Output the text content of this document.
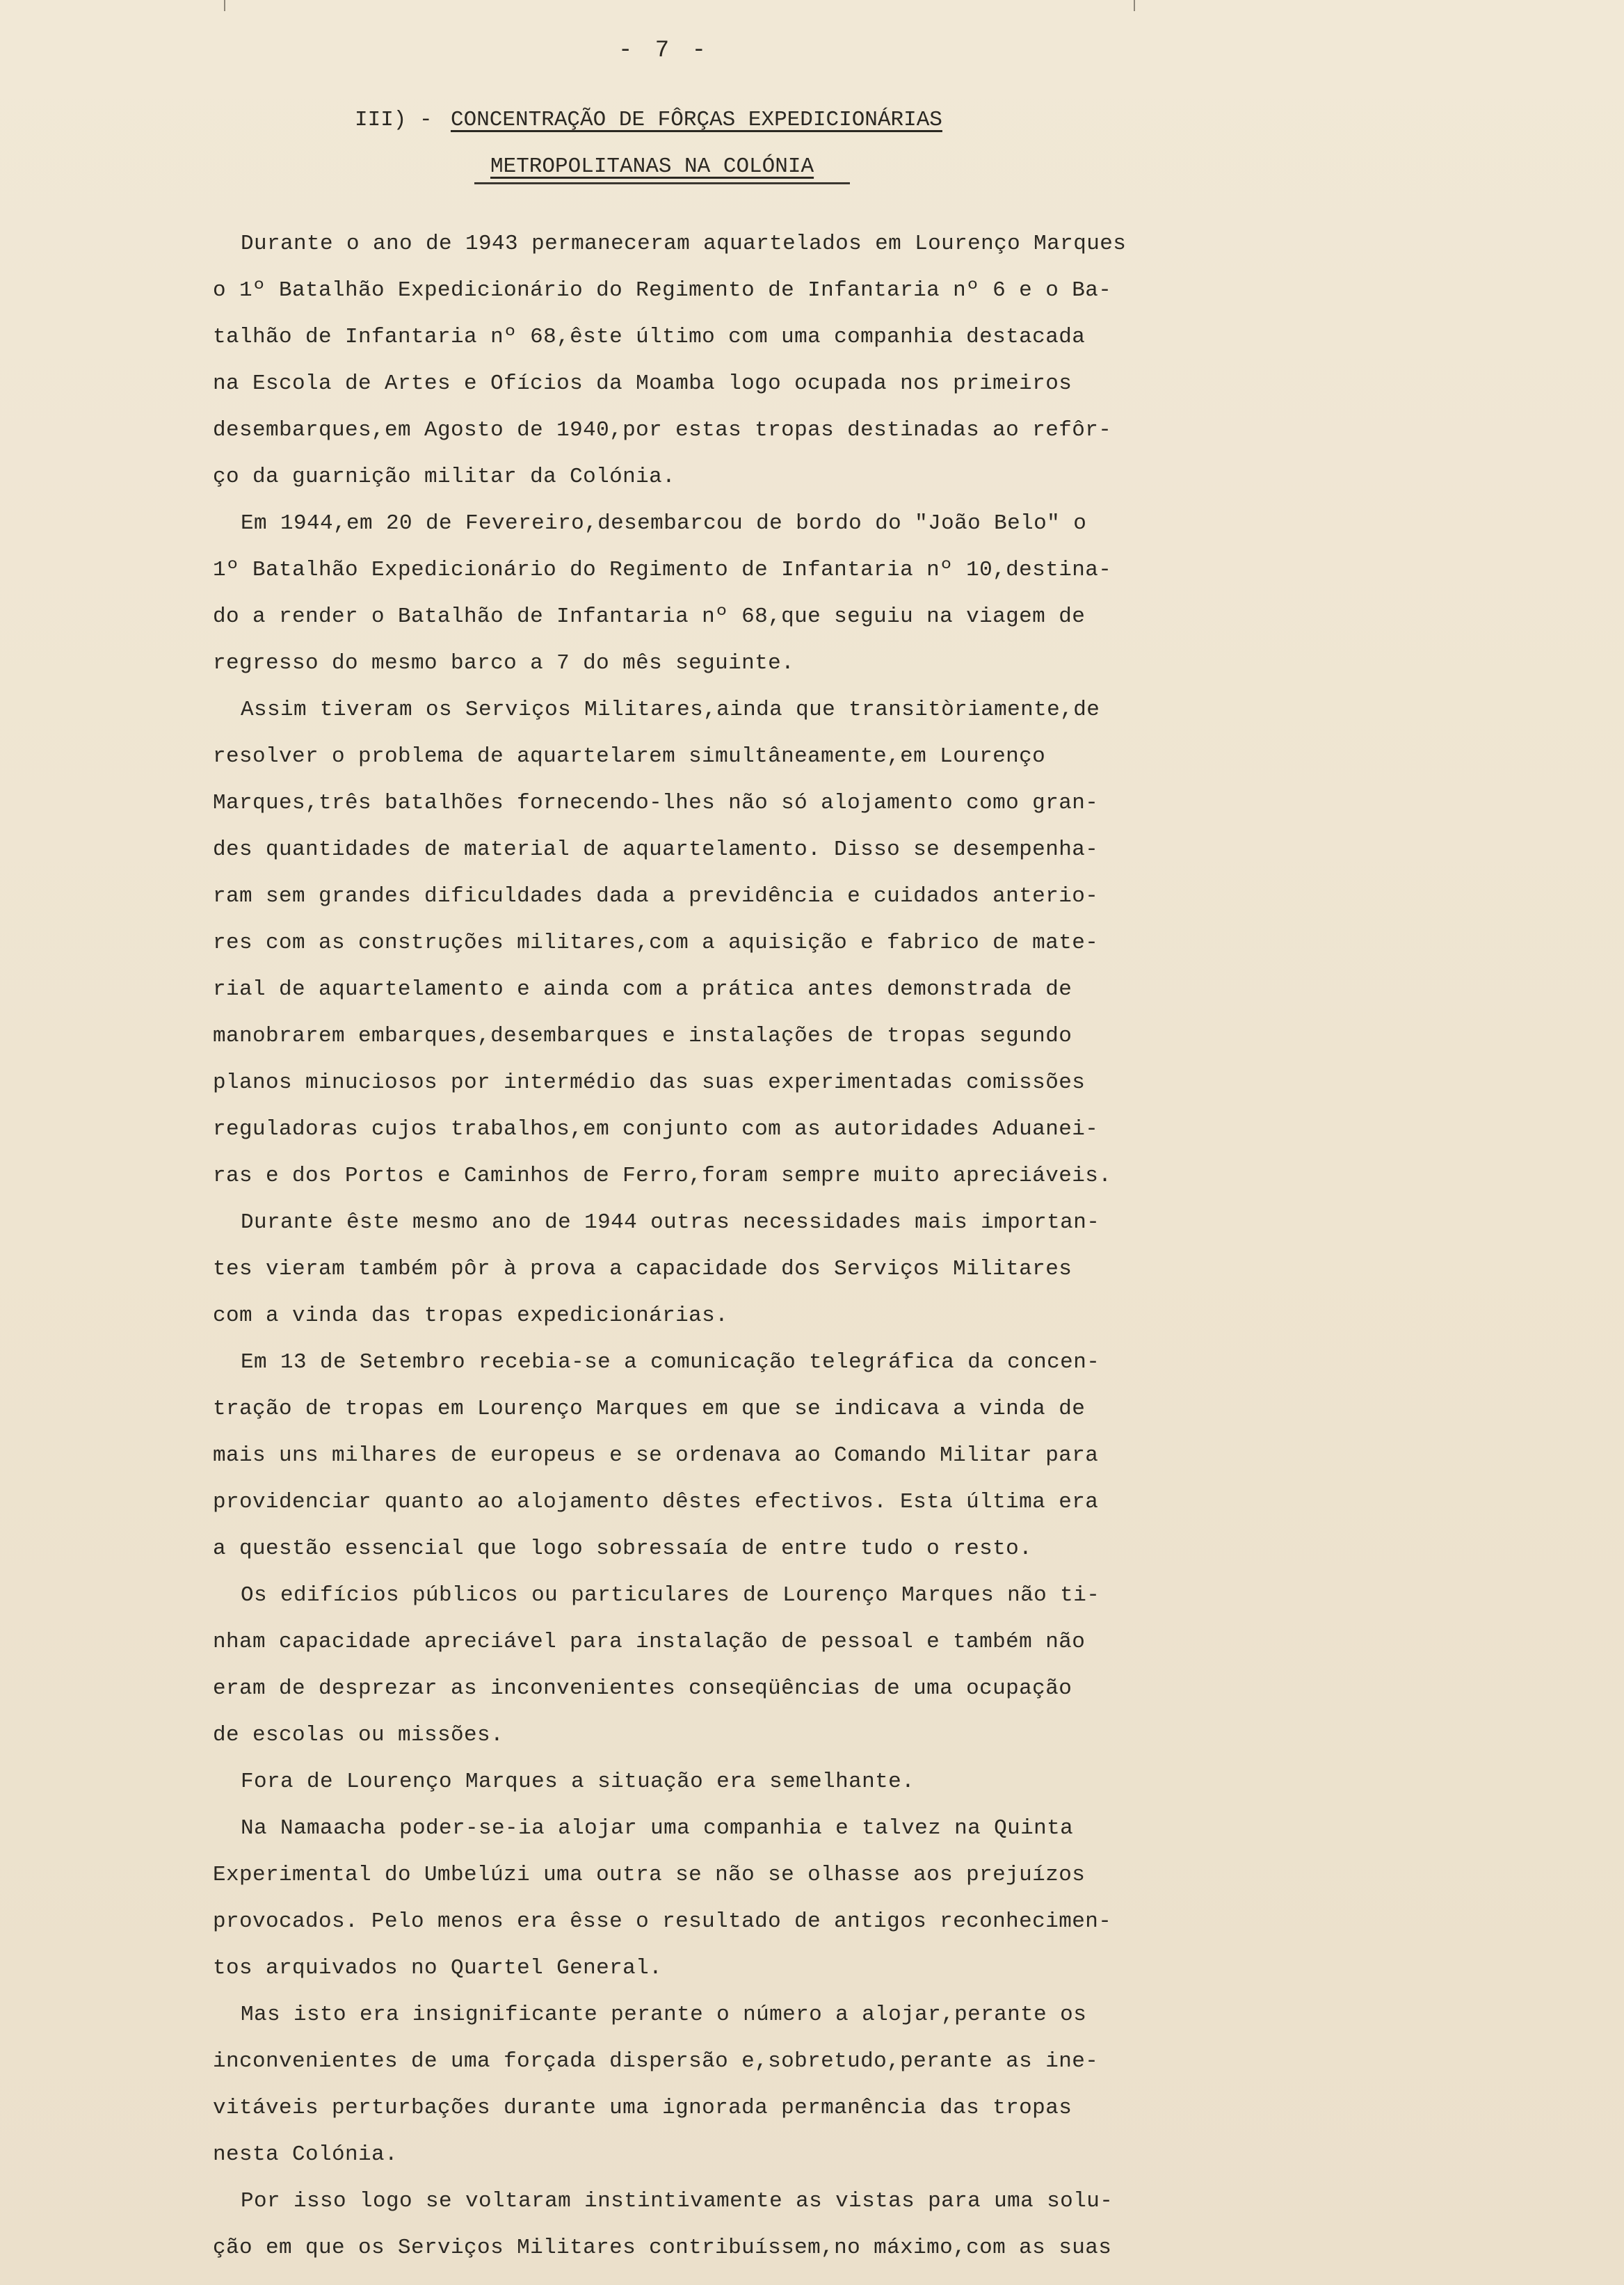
- 7 -
III) - CONCENTRAÇÃO DE FÔRÇAS EXPEDICIONÁRIAS
METROPOLITANAS NA COLÓNIA
Durante o ano de 1943 permaneceram aquartelados em Lourenço Marques
o 1º Batalhão Expedicionário do Regimento de Infantaria nº 6 e o Ba-
talhão de Infantaria nº 68,êste último com uma companhia destacada
na Escola de Artes e Ofícios da Moamba logo ocupada nos primeiros
desembarques,em Agosto de 1940,por estas tropas destinadas ao refôr-
ço da guarnição militar da Colónia.
Em 1944,em 20 de Fevereiro,desembarcou de bordo do "João Belo" o
1º Batalhão Expedicionário do Regimento de Infantaria nº 10,destina-
do a render o Batalhão de Infantaria nº 68,que seguiu na viagem de
regresso do mesmo barco a 7 do mês seguinte.
Assim tiveram os Serviços Militares,ainda que transitòriamente,de
resolver o problema de aquartelarem simultâneamente,em Lourenço
Marques,três batalhões fornecendo-lhes não só alojamento como gran-
des quantidades de material de aquartelamento. Disso se desempenha-
ram sem grandes dificuldades dada a previdência e cuidados anterio-
res com as construções militares,com a aquisição e fabrico de mate-
rial de aquartelamento e ainda com a prática antes demonstrada de
manobrarem embarques,desembarques e instalações de tropas segundo
planos minuciosos por intermédio das suas experimentadas comissões
reguladoras cujos trabalhos,em conjunto com as autoridades Aduanei-
ras e dos Portos e Caminhos de Ferro,foram sempre muito apreciáveis.
Durante êste mesmo ano de 1944 outras necessidades mais importan-
tes vieram também pôr à prova a capacidade dos Serviços Militares
com a vinda das tropas expedicionárias.
Em 13 de Setembro recebia-se a comunicação telegráfica da concen-
tração de tropas em Lourenço Marques em que se indicava a vinda de
mais uns milhares de europeus e se ordenava ao Comando Militar para
providenciar quanto ao alojamento dêstes efectivos. Esta última era
a questão essencial que logo sobressaía de entre tudo o resto.
Os edifícios públicos ou particulares de Lourenço Marques não ti-
nham capacidade apreciável para instalação de pessoal e também não
eram de desprezar as inconvenientes conseqüências de uma ocupação
de escolas ou missões.
Fora de Lourenço Marques a situação era semelhante.
Na Namaacha poder-se-ia alojar uma companhia e talvez na Quinta
Experimental do Umbelúzi uma outra se não se olhasse aos prejuízos
provocados. Pelo menos era êsse o resultado de antigos reconhecimen-
tos arquivados no Quartel General.
Mas isto era insignificante perante o número a alojar,perante os
inconvenientes de uma forçada dispersão e,sobretudo,perante as ine-
vitáveis perturbações durante uma ignorada permanência das tropas
nesta Colónia.
Por isso logo se voltaram instintivamente as vistas para uma solu-
ção em que os Serviços Militares contribuíssem,no máximo,com as suas
